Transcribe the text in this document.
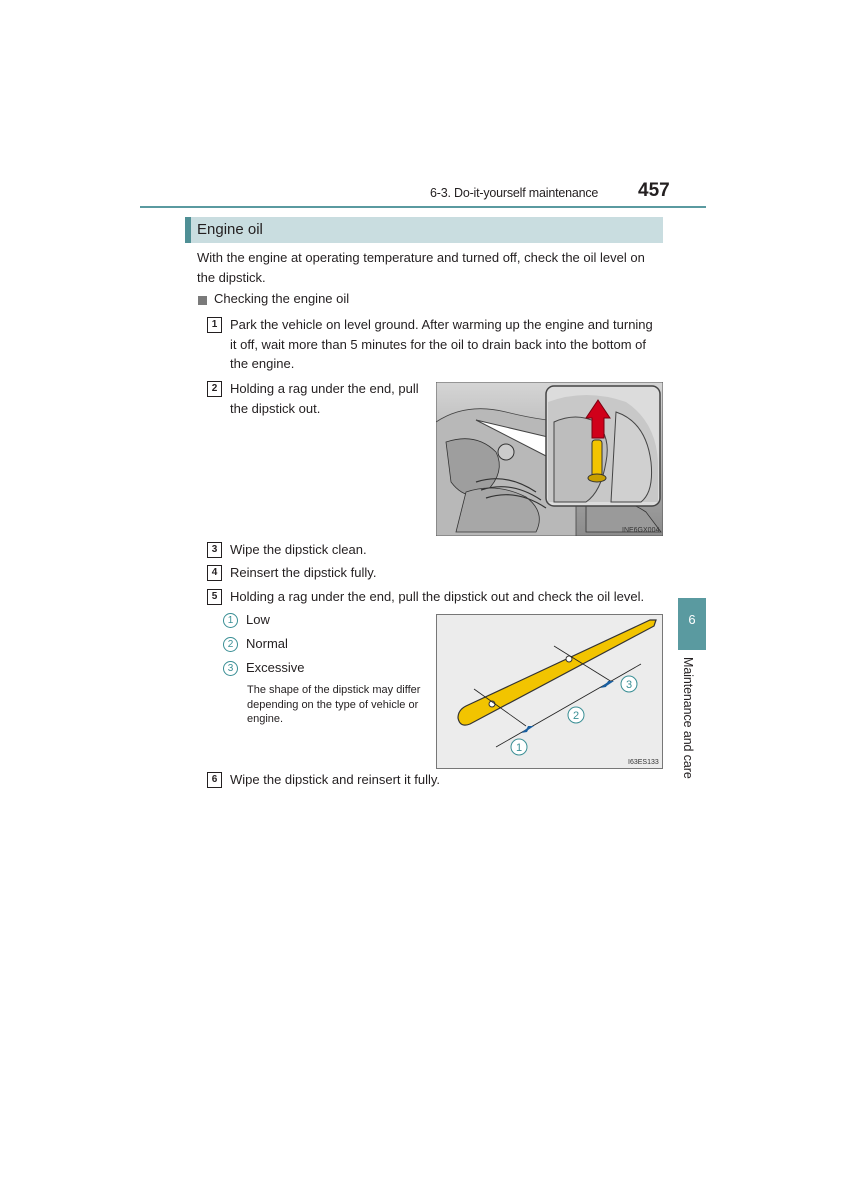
6-3. Do-it-yourself maintenance 457
Engine oil
With the engine at operating temperature and turned off, check the oil level on the dipstick.
Checking the engine oil
1 Park the vehicle on level ground. After warming up the engine and turning it off, wait more than 5 minutes for the oil to drain back into the bottom of the engine.
2 Holding a rag under the end, pull the dipstick out.
INE6GX004
3 Wipe the dipstick clean.
4 Reinsert the dipstick fully.
5 Holding a rag under the end, pull the dipstick out and check the oil level.
1 Low
2 Normal
3 Excessive
The shape of the dipstick may differ depending on the type of vehicle or engine.
1
2
3
I63ES133
6 Wipe the dipstick and reinsert it fully.
6
Maintenance and care
